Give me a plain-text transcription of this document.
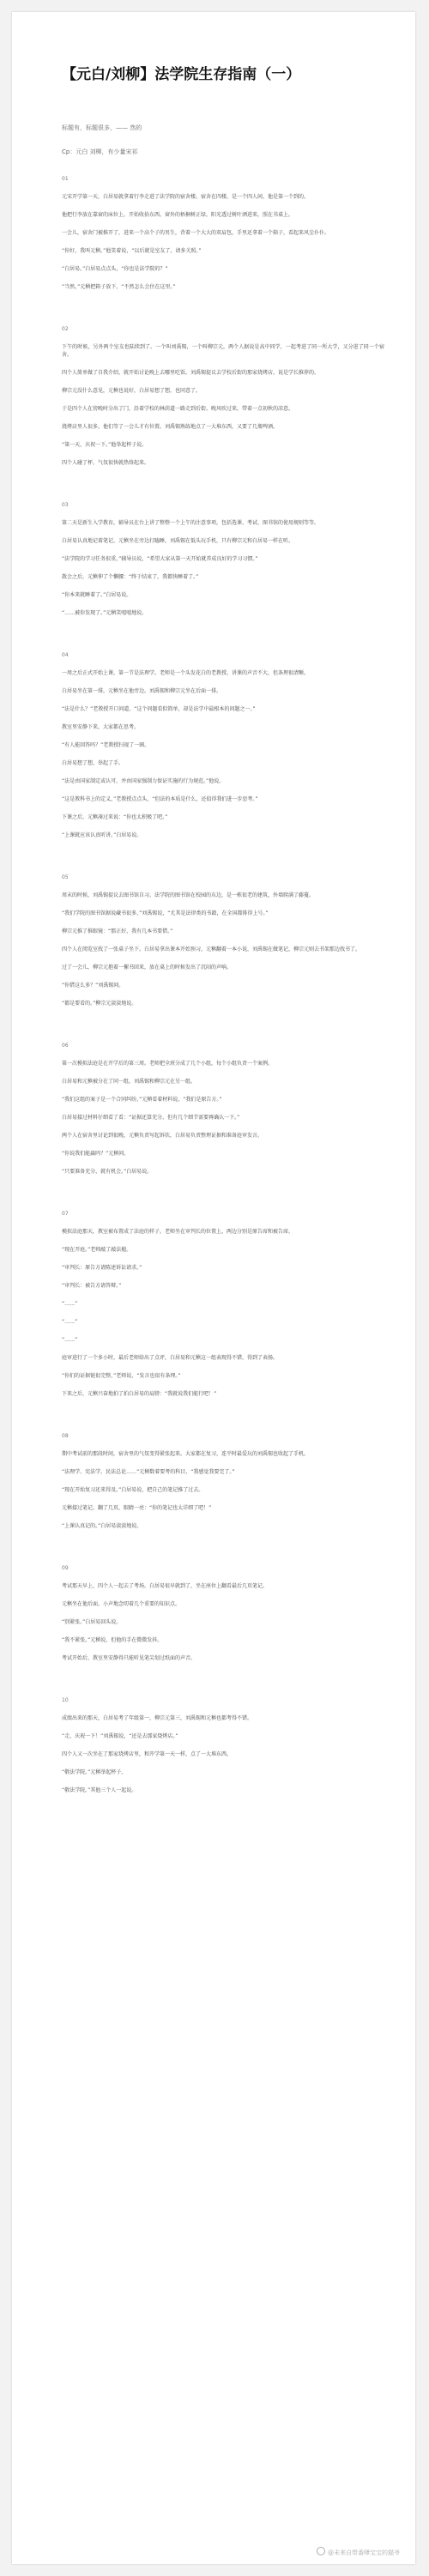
【元白/刘柳】法学院生存指南（一）
标题有，标题很多，—— 然的
Cp：元白 刘柳，有少量宋祁
01
元宋开学第一天，白居易就拿着行李走进了法学院的宿舍楼。宿舍在四楼，是一个四人间，他是第一个到的。
他把行李放在靠窗的床位上，开始收拾东西。窗外的梧桐树正绿，阳光透过树叶洒进来，照在书桌上。
一会儿，宿舍门被推开了，进来一个高个子的男生，背着一个大大的双肩包，手里还拿着一个箱子，看起来风尘仆仆。
“你好，我叫元稹。”他笑着说，“以后就是室友了，请多关照。”
“白居易。”白居易点点头，“你也是法学院的？”
“当然，”元稹把箱子放下，“不然怎么会住在这里。”
02
下午的时候，另外两个室友也陆续到了。一个叫刘禹锡，一个叫柳宗元，两个人据说是高中同学，一起考进了同一所大学，又分进了同一个宿舍。
四个人简单做了自我介绍，就开始讨论晚上去哪里吃饭。刘禹锡提议去学校后街的那家烧烤店，说是学长推荐的。
柳宗元没什么意见，元稹也说好，白居易想了想，也同意了。
于是四个人在傍晚时分出了门，沿着学校的林荫道一路走到后街。晚风吹过来，带着一点初秋的凉意。
烧烤店里人很多，他们等了一会儿才有位置。刘禹锡熟练地点了一大堆东西，又要了几瓶啤酒。
“第一天，庆祝一下。”他举起杯子说。
四个人碰了杯，气氛很快就热络起来。
03
第二天是新生入学教育，辅导员在台上讲了整整一个上午的注意事项，包括选课、考试、图书馆的使用规则等等。
白居易认真地记着笔记，元稹坐在旁边打瞌睡，刘禹锡在低头玩手机，只有柳宗元和白居易一样在听。
“法学院的学习任务很重，”辅导员说，“希望大家从第一天开始就养成良好的学习习惯。”
散会之后，元稹伸了个懒腰：“终于结束了，我都快睡着了。”
“你本来就睡着了。”白居易说。
“……被你发现了。”元稹笑嘻嘻地说。
04
一周之后正式开始上课，第一节是法理学。老师是一个头发花白的老教授，讲课的声音不大，但条理很清晰。
白居易坐在第一排，元稹坐在他旁边。刘禹锡和柳宗元坐在后面一排。
“法是什么？”老教授开口问道，“这个问题看似简单，却是法学中最根本的问题之一。”
教室里安静下来，大家都在思考。
“有人能回答吗？”老教授扫视了一圈。
白居易想了想，举起了手。
“法是由国家制定或认可，并由国家强制力保证实施的行为规范。”他说。
“这是教科书上的定义，”老教授点点头，“但法的本质是什么，还值得我们进一步思考。”
下课之后，元稹凑过来说：“你也太积极了吧。”
“上课就应该认真听讲。”白居易说。
05
周末的时候，刘禹锡提议去图书馆自习。法学院的图书馆在校园的东边，是一栋很老的建筑，外墙爬满了藤蔓。
“我们学院的图书馆据说藏书很多，”刘禹锡说，“尤其是法律类的书籍，在全国都排得上号。”
柳宗元推了推眼镜：“那正好，我有几本书要借。”
四个人在阅览室找了一张桌子坐下。白居易拿出课本开始预习，元稹翻着一本小说，刘禹锡在做笔记，柳宗元则去书架那边找书了。
过了一会儿，柳宗元抱着一摞书回来，放在桌上的时候发出了沉闷的声响。
“你借这么多？”刘禹锡问。
“都是要看的。”柳宗元淡淡地说。
06
第一次模拟法庭是在开学后的第三周。老师把全班分成了几个小组，每个小组负责一个案例。
白居易和元稹被分在了同一组，刘禹锡和柳宗元在另一组。
“我们这组的案子是一个合同纠纷，”元稹看着材料说，“我们是原告方。”
白居易接过材料仔细看了看：“证据还算充分，但有几个细节需要再确认一下。”
两个人在宿舍里讨论到很晚，元稹负责写起诉状，白居易负责整理证据和准备庭审发言。
“你说我们能赢吗？”元稹问。
“只要准备充分，就有机会。”白居易说。
07
模拟法庭那天，教室被布置成了法庭的样子。老师坐在审判长的位置上，两边分别是原告席和被告席。
“现在开庭。”老师敲了敲法槌。
“审判长：原告方请陈述诉讼请求。”
“审判长：被告方请答辩。”
“……”
“……”
“……”
庭审进行了一个多小时，最后老师给出了点评，白居易和元稹这一组表现得不错，得到了表扬。
“你们的证据链很完整，”老师说，“发言也很有条理。”
下来之后，元稹兴奋地拍了拍白居易的肩膀：“我就说我们能行吧！”
08
期中考试前的那段时间，宿舍里的气氛变得紧张起来。大家都在复习，连平时最爱玩的刘禹锡也收起了手机。
“法理学、宪法学、民法总论……”元稹数着要考的科目，“我感觉我要完了。”
“现在开始复习还来得及。”白居易说，把自己的笔记推了过去。
元稹接过笔记，翻了几页，眼睛一亮：“你的笔记也太详细了吧！”
“上课认真记的。”白居易淡淡地说。
09
考试那天早上，四个人一起去了考场。白居易很早就到了，坐在座位上翻看最后几页笔记。
元稹坐在他后面，小声地念叨着几个重要的知识点。
“别紧张。”白居易回头说。
“我不紧张。”元稹说，但他的手在微微发抖。
考试开始后，教室里安静得只能听见笔尖划过纸面的声音。
10
成绩出来的那天，白居易考了年级第一，柳宗元第三，刘禹锡和元稹也都考得不错。
“走，庆祝一下！”刘禹锡说，“还是去那家烧烤店。”
四个人又一次坐在了那家烧烤店里，和开学第一天一样，点了一大堆东西。
“敬法学院。”元稹举起杯子。
“敬法学院。”其他三个人一起说。
@未来自带番嗲宝宝的猫爷
